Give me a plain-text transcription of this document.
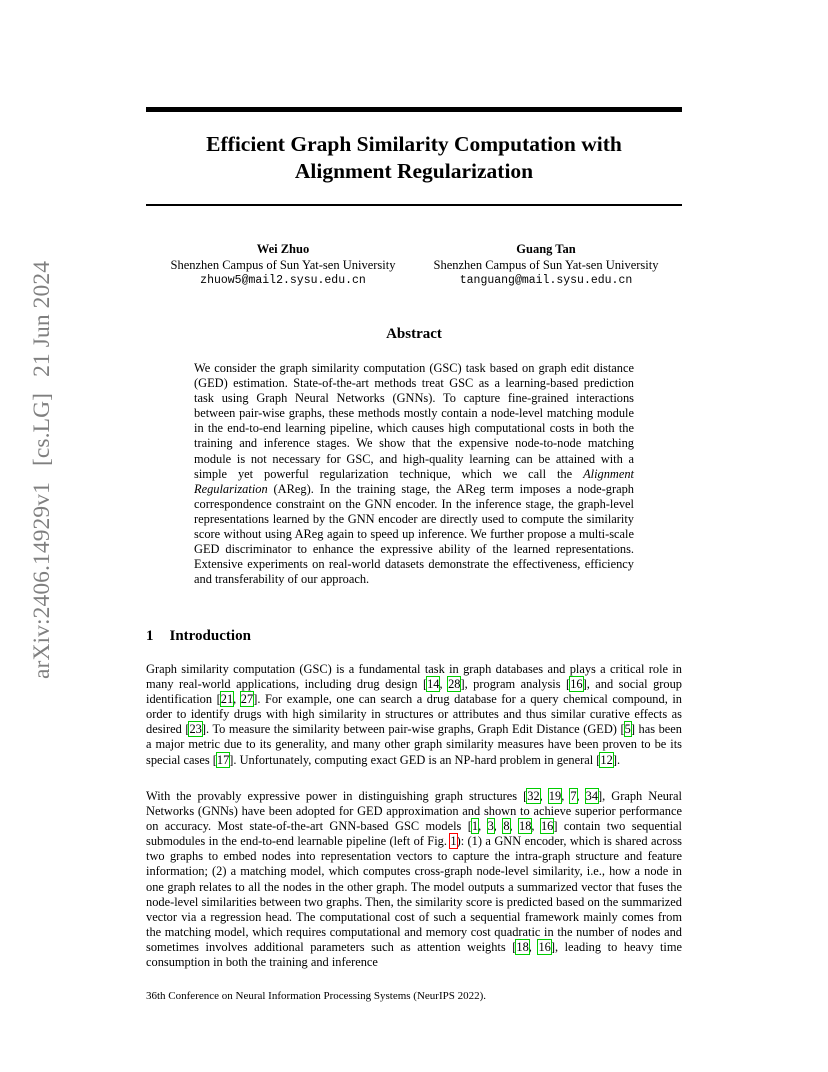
arXiv:2406.14929v1 [cs.LG] 21 Jun 2024
Efficient Graph Similarity Computation with
Alignment Regularization
Wei Zhuo
Shenzhen Campus of Sun Yat-sen University
zhuow5@mail2.sysu.edu.cn
Guang Tan
Shenzhen Campus of Sun Yat-sen University
tanguang@mail.sysu.edu.cn
Abstract
We consider the graph similarity computation (GSC) task based on graph edit distance (GED) estimation. State-of-the-art methods treat GSC as a learning-based prediction task using Graph Neural Networks (GNNs). To capture fine-grained interactions between pair-wise graphs, these methods mostly contain a node-level matching module in the end-to-end learning pipeline, which causes high computational costs in both the training and inference stages. We show that the expensive node-to-node matching module is not necessary for GSC, and high-quality learning can be attained with a simple yet powerful regularization technique, which we call the Alignment Regularization (AReg). In the training stage, the AReg term imposes a node-graph correspondence constraint on the GNN encoder. In the inference stage, the graph-level representations learned by the GNN encoder are directly used to compute the similarity score without using AReg again to speed up inference. We further propose a multi-scale GED discriminator to enhance the expressive ability of the learned representations. Extensive experiments on real-world datasets demonstrate the effectiveness, efficiency and transferability of our approach.
1 Introduction
Graph similarity computation (GSC) is a fundamental task in graph databases and plays a critical role in many real-world applications, including drug design [14, 28], program analysis [16], and social group identification [21, 27]. For example, one can search a drug database for a query chemical compound, in order to identify drugs with high similarity in structures or attributes and thus similar curative effects as desired [23]. To measure the similarity between pair-wise graphs, Graph Edit Distance (GED) [5] has been a major metric due to its generality, and many other graph similarity measures have been proven to be its special cases [17]. Unfortunately, computing exact GED is an NP-hard problem in general [12].
With the provably expressive power in distinguishing graph structures [32, 19, 7, 34], Graph Neural Networks (GNNs) have been adopted for GED approximation and shown to achieve superior performance on accuracy. Most state-of-the-art GNN-based GSC models [1, 3, 8, 18, 16] contain two sequential submodules in the end-to-end learnable pipeline (left of Fig. 1): (1) a GNN encoder, which is shared across two graphs to embed nodes into representation vectors to capture the intra-graph structure and feature information; (2) a matching model, which computes cross-graph node-level similarity, i.e., how a node in one graph relates to all the nodes in the other graph. The model outputs a summarized vector that fuses the node-level similarities between two graphs. Then, the similarity score is predicted based on the summarized vector via a regression head. The computational cost of such a sequential framework mainly comes from the matching model, which requires computational and memory cost quadratic in the number of nodes and sometimes involves additional parameters such as attention weights [18, 16], leading to heavy time consumption in both the training and inference
36th Conference on Neural Information Processing Systems (NeurIPS 2022).
